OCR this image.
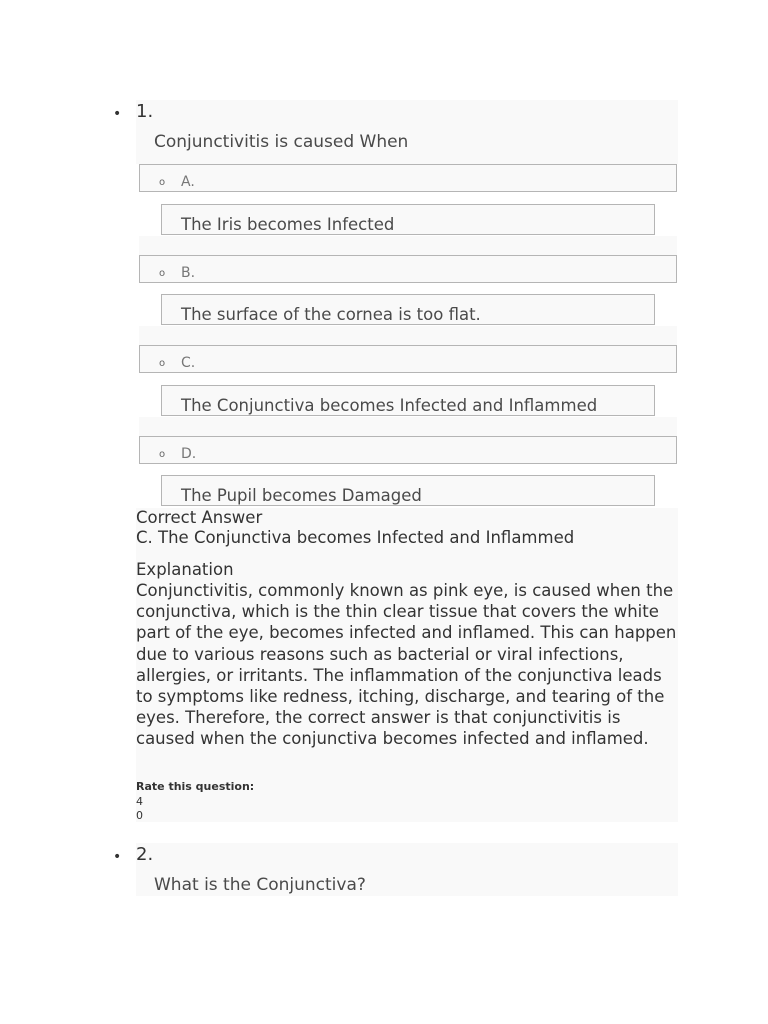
• 1.
Conjunctivitis is caused When
o A.
The Iris becomes Infected
o B.
The surface of the cornea is too flat.
o C.
The Conjunctiva becomes Infected and Inflammed
o D.
The Pupil becomes Damaged
Correct Answer
C. The Conjunctiva becomes Infected and Inflammed
Explanation

Conjunctivitis, commonly known as pink eye, is caused when the conjunctiva, which is the thin clear tissue that covers the white part of the eye, becomes infected and inflamed. This can happen due to various reasons such as bacterial or viral infections, allergies, or irritants. The inflammation of the conjunctiva leads to symptoms like redness, itching, discharge, and tearing of the eyes. Therefore, the correct answer is that conjunctivitis is caused when the conjunctiva becomes infected and inflamed.

Rate this question:
4
0
• 2.
What is the Conjunctiva?
